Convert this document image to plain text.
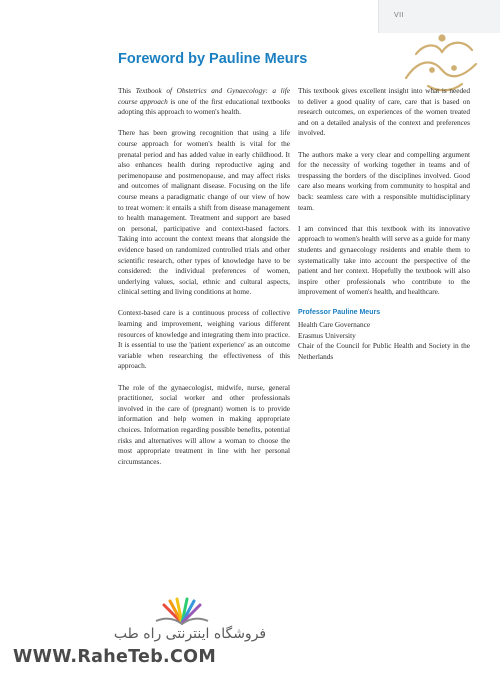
VII
Foreword by Pauline Meurs

This Textbook of Obstetrics and Gynaecology: a life course approach is one of the first educational textbooks adopting this approach to women's health.

There has been growing recognition that using a life course approach for women's health is vital for the prenatal period and has added value in early childhood. It also enhances health during reproductive aging and perimenopause and postmenopause, and may affect risks and outcomes of malignant disease. Focusing on the life course means a paradigmatic change of our view of how to treat women: it entails a shift from disease management to health management. Treatment and support are based on personal, participative and context-based factors. Taking into account the context means that alongside the evidence based on randomized controlled trials and other scientific research, other types of knowledge have to be considered: the individual preferences of women, underlying values, social, ethnic and cultural aspects, clinical setting and living conditions at home.

Context-based care is a continuous process of collective learning and improvement, weighing various different resources of knowledge and integrating them into practice. It is essential to use the 'patient experience' as an outcome variable when researching the effectiveness of this approach.

The role of the gynaecologist, midwife, nurse, general practitioner, social worker and other professionals involved in the care of (pregnant) women is to provide information and help women in making appropriate choices. Information regarding possible benefits, potential risks and alternatives will allow a woman to choose the most appropriate treatment in line with her personal circumstances.

This textbook gives excellent insight into what is needed to deliver a good quality of care, care that is based on research outcomes, on experiences of the women treated and on a detailed analysis of the context and preferences involved.

The authors make a very clear and compelling argument for the necessity of working together in teams and of trespassing the borders of the disciplines involved. Good care also means working from community to hospital and back: seamless care with a responsible multidisciplinary team.

I am convinced that this textbook with its innovative approach to women's health will serve as a guide for many students and gynaecology residents and enable them to systematically take into account the perspective of the patient and her context. Hopefully the textbook will also inspire other professionals who contribute to the improvement of women's health, and healthcare.

Professor Pauline Meurs
Health Care Governance
Erasmus University
Chair of the Council for Public Health and Society in the Netherlands
فروشگاه اینترنتی راه طب
WWW.RaheTeb.COM
